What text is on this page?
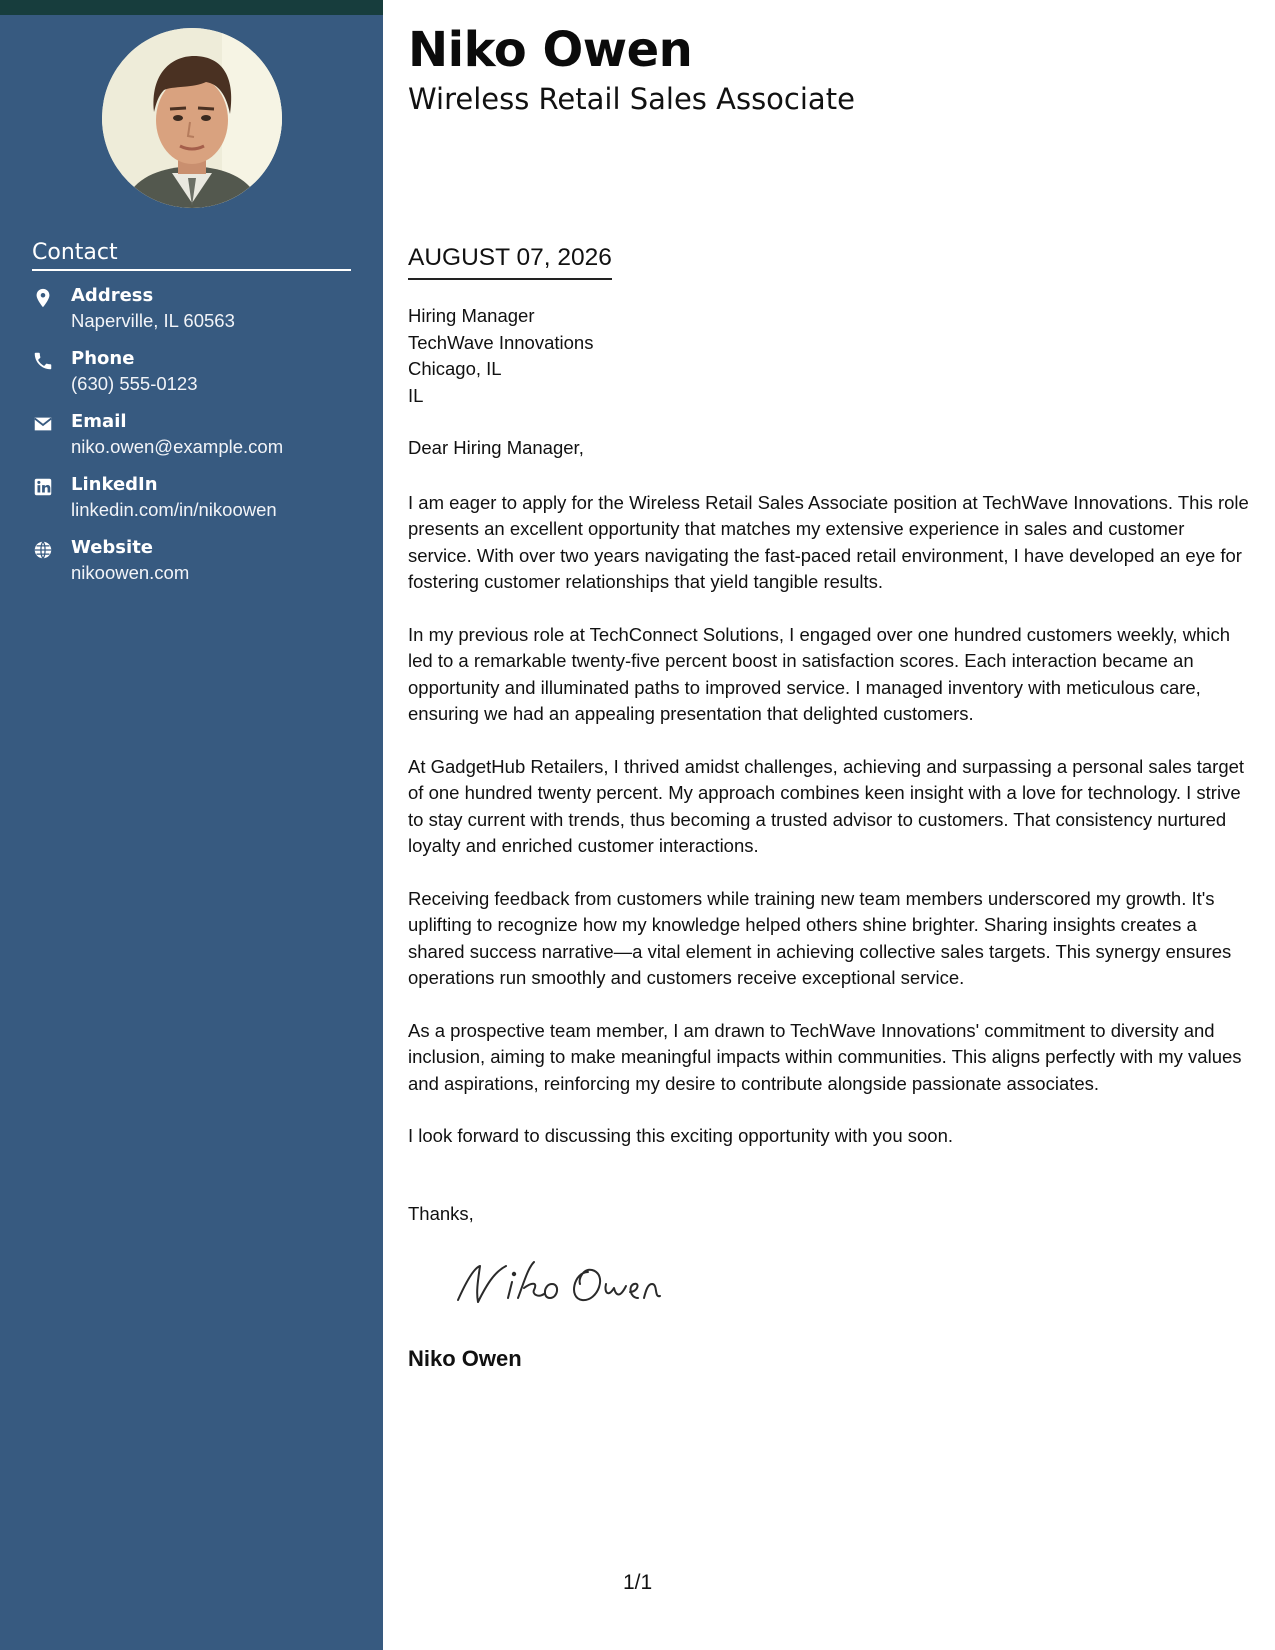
Contact
Address
Naperville, IL 60563
Phone
(630) 555-0123
Email
niko.owen@example.com
LinkedIn
linkedin.com/in/nikoowen
Website
nikoowen.com
Niko Owen
Wireless Retail Sales Associate
AUGUST 07, 2026
Hiring Manager
TechWave Innovations
Chicago, IL
IL
Dear Hiring Manager,

I am eager to apply for the Wireless Retail Sales Associate position at TechWave Innovations. This role presents an excellent opportunity that matches my extensive experience in sales and customer service. With over two years navigating the fast-paced retail environment, I have developed an eye for fostering customer relationships that yield tangible results.

In my previous role at TechConnect Solutions, I engaged over one hundred customers weekly, which led to a remarkable twenty-five percent boost in satisfaction scores. Each interaction became an opportunity and illuminated paths to improved service. I managed inventory with meticulous care, ensuring we had an appealing presentation that delighted customers.

At GadgetHub Retailers, I thrived amidst challenges, achieving and surpassing a personal sales target of one hundred twenty percent. My approach combines keen insight with a love for technology. I strive to stay current with trends, thus becoming a trusted advisor to customers. That consistency nurtured loyalty and enriched customer interactions.

Receiving feedback from customers while training new team members underscored my growth. It's uplifting to recognize how my knowledge helped others shine brighter. Sharing insights creates a shared success narrative—a vital element in achieving collective sales targets. This synergy ensures operations run smoothly and customers receive exceptional service.

As a prospective team member, I am drawn to TechWave Innovations' commitment to diversity and inclusion, aiming to make meaningful impacts within communities. This aligns perfectly with my values and aspirations, reinforcing my desire to contribute alongside passionate associates.

I look forward to discussing this exciting opportunity with you soon.

Thanks,
Niko Owen
Niko Owen
1/1
